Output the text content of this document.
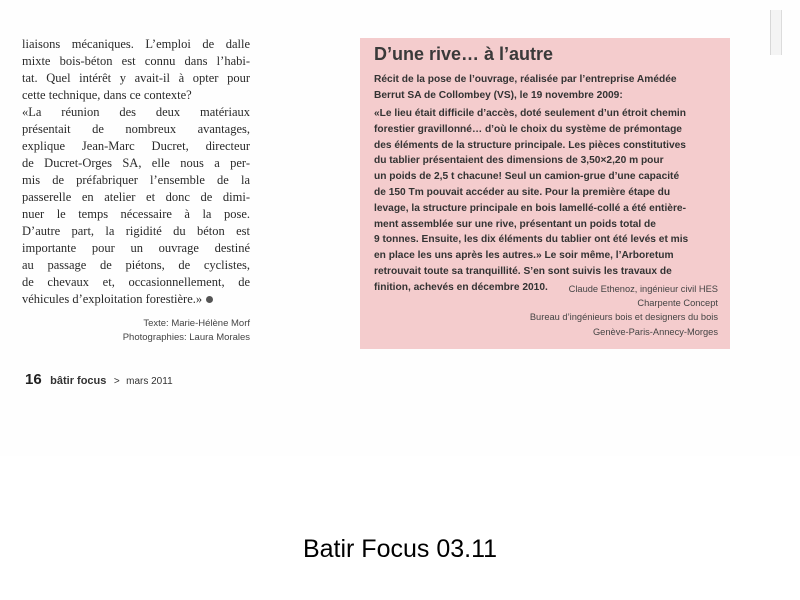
liaisons mécaniques. L’emploi de dalle
mixte bois-béton est connu dans l’habi-
tat. Quel intérêt y avait-il à opter pour
cette technique, dans ce contexte?
«La réunion des deux matériaux
présentait de nombreux avantages,
explique Jean-Marc Ducret, directeur
de Ducret-Orges SA, elle nous a per-
mis de préfabriquer l’ensemble de la
passerelle en atelier et donc de dimi-
nuer le temps nécessaire à la pose.
D’autre part, la rigidité du béton est
importante pour un ouvrage destiné
au passage de piétons, de cyclistes,
de chevaux et, occasionnellement, de
véhicules d’exploitation forestière.»
Texte: Marie-Hélène Morf
Photographies: Laura Morales
16 bâtir focus > mars 2011
D’une rive… à l’autre
Récit de la pose de l’ouvrage, réalisée par l’entreprise Amédée
Berrut SA de Collombey (VS), le 19 novembre 2009:
«Le lieu était difficile d’accès, doté seulement d’un étroit chemin
forestier gravillonné… d’où le choix du système de prémontage
des éléments de la structure principale. Les pièces constitutives
du tablier présentaient des dimensions de 3,50×2,20 m pour
un poids de 2,5 t chacune! Seul un camion-grue d’une capacité
de 150 Tm pouvait accéder au site. Pour la première étape du
levage, la structure principale en bois lamellé-collé a été entière-
ment assemblée sur une rive, présentant un poids total de
9 tonnes. Ensuite, les dix éléments du tablier ont été levés et mis
en place les uns après les autres.» Le soir même, l’Arboretum
retrouvait toute sa tranquillité. S’en sont suivis les travaux de
finition, achevés en décembre 2010.	Claude Ethenoz, ingénieur civil HES
Charpente Concept
Bureau d’ingénieurs bois et designers du bois
Genève-Paris-Annecy-Morges
Batir Focus 03.11
